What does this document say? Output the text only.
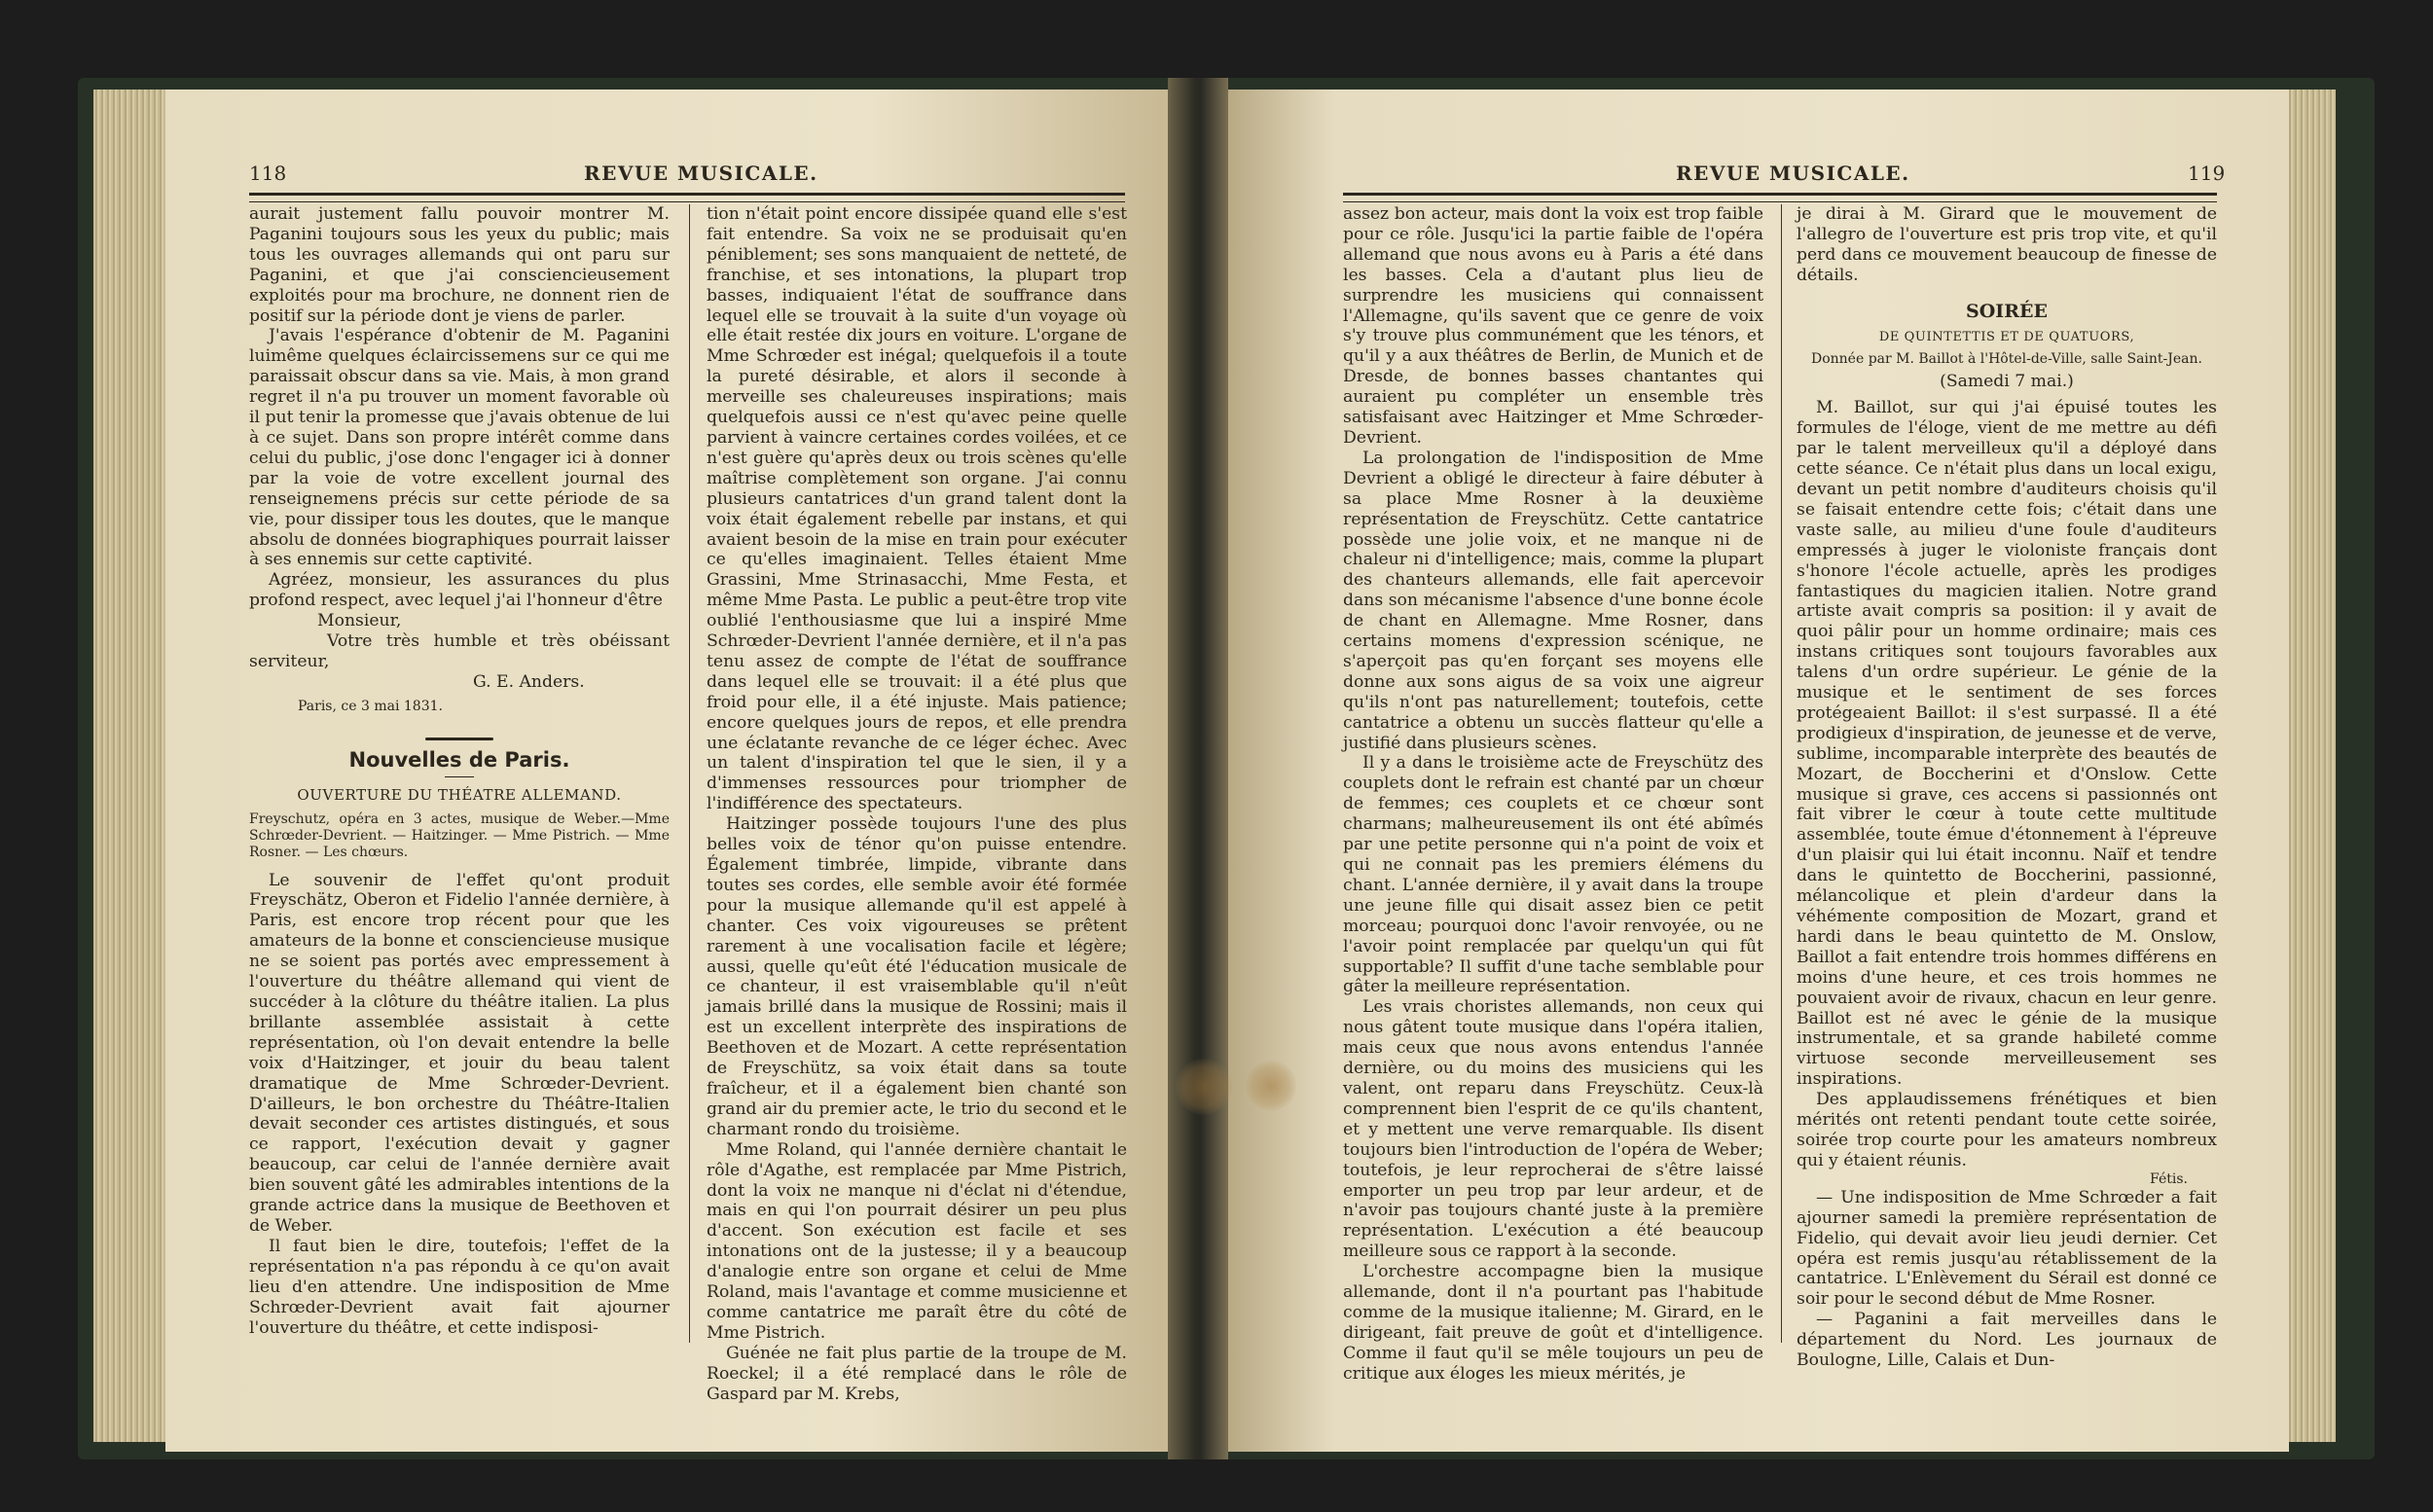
118	REVUE MUSICALE.

aurait justement fallu pouvoir montrer M. Paganini toujours sous les yeux du public; mais tous les ouvrages allemands qui ont paru sur Paganini, et que j'ai consciencieusement exploités pour ma brochure, ne donnent rien de positif sur la période dont je viens de parler.

J'avais l'espérance d'obtenir de M. Paganini luimême quelques éclaircissemens sur ce qui me paraissait obscur dans sa vie. Mais, à mon grand regret il n'a pu trouver un moment favorable où il put tenir la promesse que j'avais obtenue de lui à ce sujet. Dans son propre intérêt comme dans celui du public, j'ose donc l'engager ici à donner par la voie de votre excellent journal des renseignemens précis sur cette période de sa vie, pour dissiper tous les doutes, que le manque absolu de données biographiques pourrait laisser à ses ennemis sur cette captivité.

Agréez, monsieur, les assurances du plus profond respect, avec lequel j'ai l'honneur d'être

Monsieur,

Votre très humble et très obéissant serviteur,

G. E. Anders.

Paris, ce 3 mai 1831.

Nouvelles de Paris.
OUVERTURE DU THÉATRE ALLEMAND.

Freyschutz, opéra en 3 actes, musique de Weber.—Mme Schrœder-Devrient. — Haitzinger. — Mme Pistrich. — Mme Rosner. — Les chœurs.

Le souvenir de l'effet qu'ont produit Freyschätz, Oberon et Fidelio l'année dernière, à Paris, est encore trop récent pour que les amateurs de la bonne et consciencieuse musique ne se soient pas portés avec empressement à l'ouverture du théâtre allemand qui vient de succéder à la clôture du théâtre italien. La plus brillante assemblée assistait à cette représentation, où l'on devait entendre la belle voix d'Haitzinger, et jouir du beau talent dramatique de Mme Schrœder-Devrient. D'ailleurs, le bon orchestre du Théâtre-Italien devait seconder ces artistes distingués, et sous ce rapport, l'exécution devait y gagner beaucoup, car celui de l'année dernière avait bien souvent gâté les admirables intentions de la grande actrice dans la musique de Beethoven et de Weber.

Il faut bien le dire, toutefois; l'effet de la représentation n'a pas répondu à ce qu'on avait lieu d'en attendre. Une indisposition de Mme Schrœder-Devrient avait fait ajourner l'ouverture du théâtre, et cette indisposi-

tion n'était point encore dissipée quand elle s'est fait entendre. Sa voix ne se produisait qu'en péniblement; ses sons manquaient de netteté, de franchise, et ses intonations, la plupart trop basses, indiquaient l'état de souffrance dans lequel elle se trouvait à la suite d'un voyage où elle était restée dix jours en voiture. L'organe de Mme Schrœder est inégal; quelquefois il a toute la pureté désirable, et alors il seconde à merveille ses chaleureuses inspirations; mais quelquefois aussi ce n'est qu'avec peine quelle parvient à vaincre certaines cordes voilées, et ce n'est guère qu'après deux ou trois scènes qu'elle maîtrise complètement son organe. J'ai connu plusieurs cantatrices d'un grand talent dont la voix était également rebelle par instans, et qui avaient besoin de la mise en train pour exécuter ce qu'elles imaginaient. Telles étaient Mme Grassini, Mme Strinasacchi, Mme Festa, et même Mme Pasta. Le public a peut-être trop vite oublié l'enthousiasme que lui a inspiré Mme Schrœder-Devrient l'année dernière, et il n'a pas tenu assez de compte de l'état de souffrance dans lequel elle se trouvait: il a été plus que froid pour elle, il a été injuste. Mais patience; encore quelques jours de repos, et elle prendra une éclatante revanche de ce léger échec. Avec un talent d'inspiration tel que le sien, il y a d'immenses ressources pour triompher de l'indifférence des spectateurs.

Haitzinger possède toujours l'une des plus belles voix de ténor qu'on puisse entendre. Également timbrée, limpide, vibrante dans toutes ses cordes, elle semble avoir été formée pour la musique allemande qu'il est appelé à chanter. Ces voix vigoureuses se prêtent rarement à une vocalisation facile et légère; aussi, quelle qu'eût été l'éducation musicale de ce chanteur, il est vraisemblable qu'il n'eût jamais brillé dans la musique de Rossini; mais il est un excellent interprète des inspirations de Beethoven et de Mozart. A cette représentation de Freyschütz, sa voix était dans sa toute fraîcheur, et il a également bien chanté son grand air du premier acte, le trio du second et le charmant rondo du troisième.

Mme Roland, qui l'année dernière chantait le rôle d'Agathe, est remplacée par Mme Pistrich, dont la voix ne manque ni d'éclat ni d'étendue, mais en qui l'on pourrait désirer un peu plus d'accent. Son exécution est facile et ses intonations ont de la justesse; il y a beaucoup d'analogie entre son organe et celui de Mme Roland, mais l'avantage et comme musicienne et comme cantatrice me paraît être du côté de Mme Pistrich.

Guénée ne fait plus partie de la troupe de M. Roeckel; il a été remplacé dans le rôle de Gaspard par M. Krebs,

REVUE MUSICALE.	119

assez bon acteur, mais dont la voix est trop faible pour ce rôle. Jusqu'ici la partie faible de l'opéra allemand que nous avons eu à Paris a été dans les basses. Cela a d'autant plus lieu de surprendre les musiciens qui connaissent l'Allemagne, qu'ils savent que ce genre de voix s'y trouve plus communément que les ténors, et qu'il y a aux théâtres de Berlin, de Munich et de Dresde, de bonnes basses chantantes qui auraient pu compléter un ensemble très satisfaisant avec Haitzinger et Mme Schrœder-Devrient.

La prolongation de l'indisposition de Mme Devrient a obligé le directeur à faire débuter à sa place Mme Rosner à la deuxième représentation de Freyschütz. Cette cantatrice possède une jolie voix, et ne manque ni de chaleur ni d'intelligence; mais, comme la plupart des chanteurs allemands, elle fait apercevoir dans son mécanisme l'absence d'une bonne école de chant en Allemagne. Mme Rosner, dans certains momens d'expression scénique, ne s'aperçoit pas qu'en forçant ses moyens elle donne aux sons aigus de sa voix une aigreur qu'ils n'ont pas naturellement; toutefois, cette cantatrice a obtenu un succès flatteur qu'elle a justifié dans plusieurs scènes.

Il y a dans le troisième acte de Freyschütz des couplets dont le refrain est chanté par un chœur de femmes; ces couplets et ce chœur sont charmans; malheureusement ils ont été abîmés par une petite personne qui n'a point de voix et qui ne connait pas les premiers élémens du chant. L'année dernière, il y avait dans la troupe une jeune fille qui disait assez bien ce petit morceau; pourquoi donc l'avoir renvoyée, ou ne l'avoir point remplacée par quelqu'un qui fût supportable? Il suffit d'une tache semblable pour gâter la meilleure représentation.

Les vrais choristes allemands, non ceux qui nous gâtent toute musique dans l'opéra italien, mais ceux que nous avons entendus l'année dernière, ou du moins des musiciens qui les valent, ont reparu dans Freyschütz. Ceux-là comprennent bien l'esprit de ce qu'ils chantent, et y mettent une verve remarquable. Ils disent toujours bien l'introduction de l'opéra de Weber; toutefois, je leur reprocherai de s'être laissé emporter un peu trop par leur ardeur, et de n'avoir pas toujours chanté juste à la première représentation. L'exécution a été beaucoup meilleure sous ce rapport à la seconde.

L'orchestre accompagne bien la musique allemande, dont il n'a pourtant pas l'habitude comme de la musique italienne; M. Girard, en le dirigeant, fait preuve de goût et d'intelligence. Comme il faut qu'il se mêle toujours un peu de critique aux éloges les mieux mérités, je

je dirai à M. Girard que le mouvement de l'allegro de l'ouverture est pris trop vite, et qu'il perd dans ce mouvement beaucoup de finesse de détails.

SOIRÉE
DE QUINTETTIS ET DE QUATUORS,

Donnée par M. Baillot à l'Hôtel-de-Ville, salle Saint-Jean.

(Samedi 7 mai.)

M. Baillot, sur qui j'ai épuisé toutes les formules de l'éloge, vient de me mettre au défi par le talent merveilleux qu'il a déployé dans cette séance. Ce n'était plus dans un local exigu, devant un petit nombre d'auditeurs choisis qu'il se faisait entendre cette fois; c'était dans une vaste salle, au milieu d'une foule d'auditeurs empressés à juger le violoniste français dont s'honore l'école actuelle, après les prodiges fantastiques du magicien italien. Notre grand artiste avait compris sa position: il y avait de quoi pâlir pour un homme ordinaire; mais ces instans critiques sont toujours favorables aux talens d'un ordre supérieur. Le génie de la musique et le sentiment de ses forces protégeaient Baillot: il s'est surpassé. Il a été prodigieux d'inspiration, de jeunesse et de verve, sublime, incomparable interprète des beautés de Mozart, de Boccherini et d'Onslow. Cette musique si grave, ces accens si passionnés ont fait vibrer le cœur à toute cette multitude assemblée, toute émue d'étonnement à l'épreuve d'un plaisir qui lui était inconnu. Naïf et tendre dans le quintetto de Boccherini, passionné, mélancolique et plein d'ardeur dans la véhémente composition de Mozart, grand et hardi dans le beau quintetto de M. Onslow, Baillot a fait entendre trois hommes différens en moins d'une heure, et ces trois hommes ne pouvaient avoir de rivaux, chacun en leur genre. Baillot est né avec le génie de la musique instrumentale, et sa grande habileté comme virtuose seconde merveilleusement ses inspirations.

Des applaudissemens frénétiques et bien mérités ont retenti pendant toute cette soirée, soirée trop courte pour les amateurs nombreux qui y étaient réunis.

Fétis.

— Une indisposition de Mme Schrœder a fait ajourner samedi la première représentation de Fidelio, qui devait avoir lieu jeudi dernier. Cet opéra est remis jusqu'au rétablissement de la cantatrice. L'Enlèvement du Sérail est donné ce soir pour le second début de Mme Rosner.

— Paganini a fait merveilles dans le département du Nord. Les journaux de Boulogne, Lille, Calais et Dun-
